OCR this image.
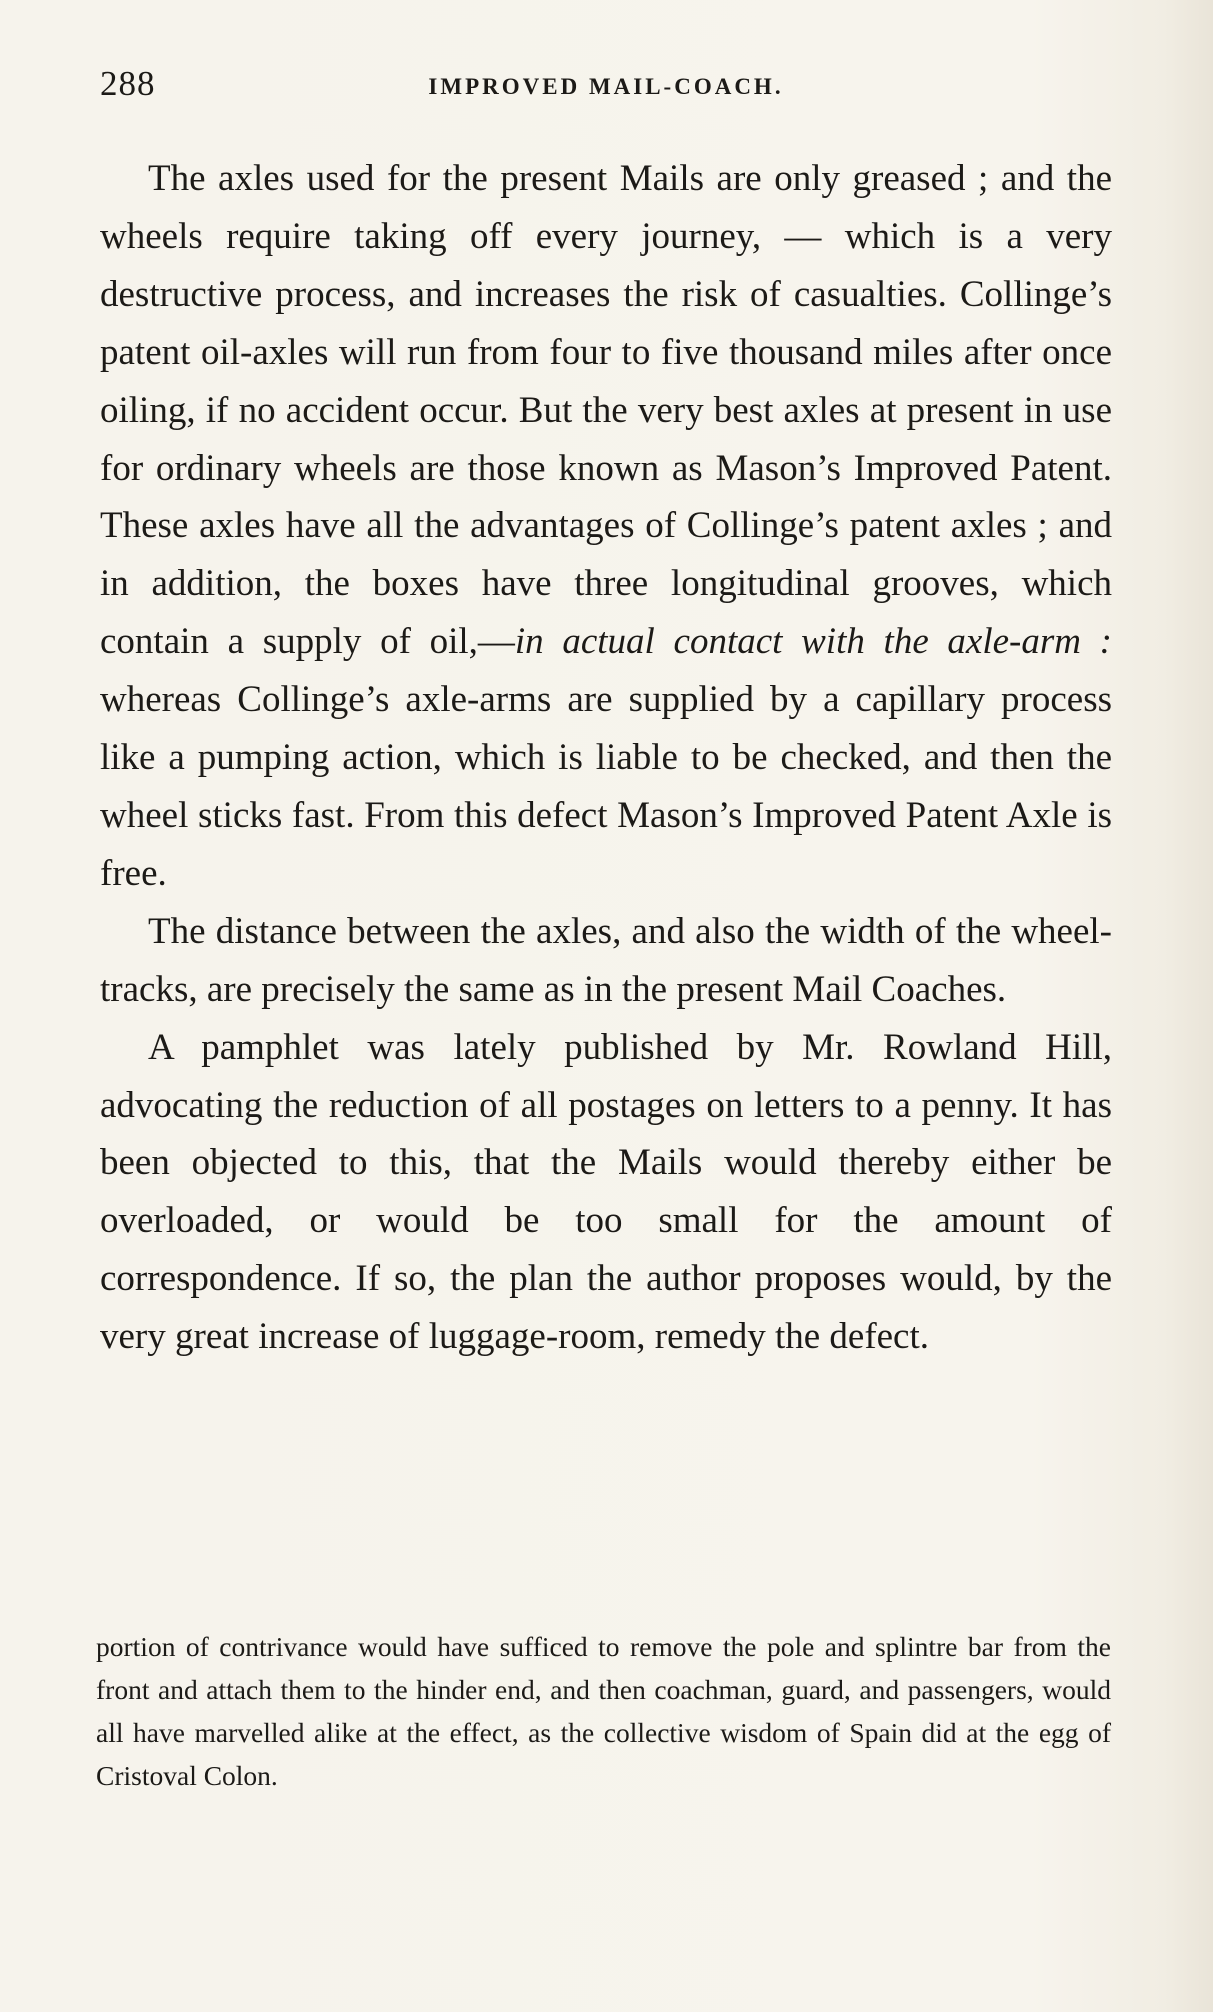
288	IMPROVED MAIL-COACH.

The axles used for the present Mails are only greased ; and the wheels require taking off every journey, — which is a very destructive process, and increases the risk of casualties. Collinge’s patent oil-axles will run from four to five thousand miles after once oiling, if no accident occur. But the very best axles at present in use for ordinary wheels are those known as Mason’s Improved Patent. These axles have all the advantages of Collinge’s patent axles ; and in addition, the boxes have three longitudinal grooves, which contain a supply of oil,—in actual contact with the axle-arm : whereas Collinge’s axle-arms are supplied by a capillary process like a pumping action, which is liable to be checked, and then the wheel sticks fast. From this defect Mason’s Improved Patent Axle is free.

The distance between the axles, and also the width of the wheel-tracks, are precisely the same as in the present Mail Coaches.

A pamphlet was lately published by Mr. Rowland Hill, advocating the reduction of all postages on letters to a penny. It has been objected to this, that the Mails would thereby either be overloaded, or would be too small for the amount of correspondence. If so, the plan the author proposes would, by the very great increase of luggage-room, remedy the defect.

portion of contrivance would have sufficed to remove the pole and splintre bar from the front and attach them to the hinder end, and then coachman, guard, and passengers, would all have marvelled alike at the effect, as the collective wisdom of Spain did at the egg of Cristoval Colon.
